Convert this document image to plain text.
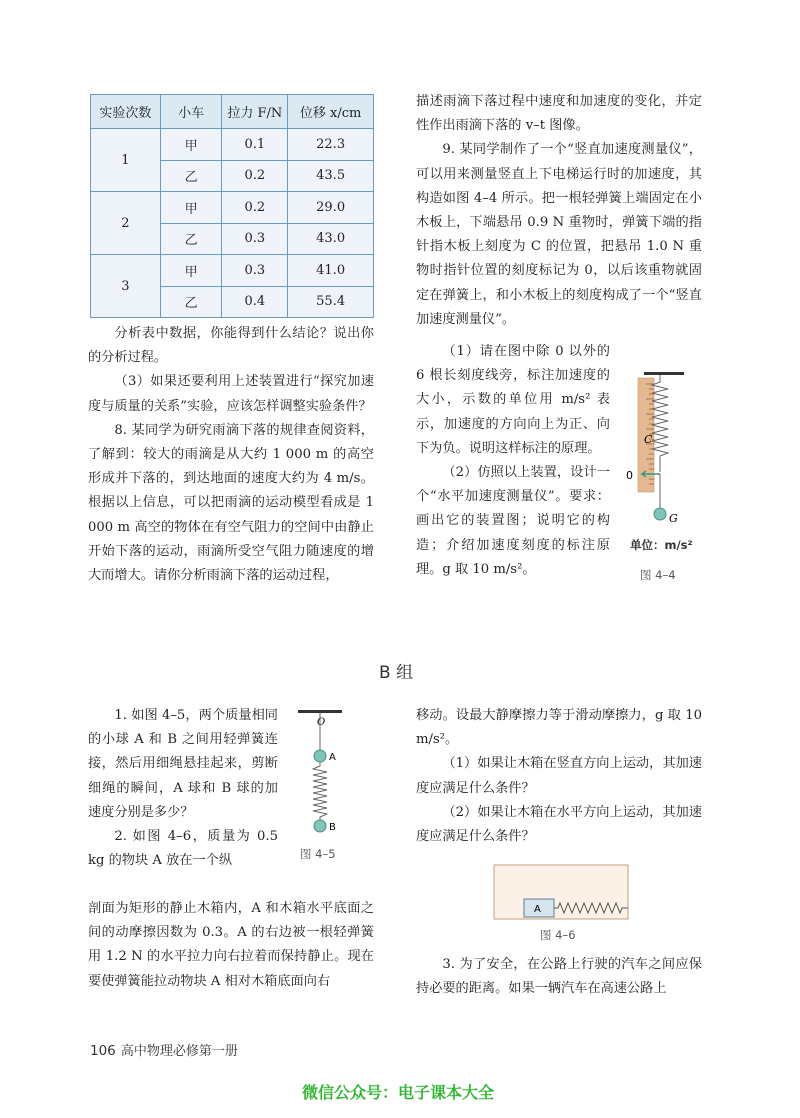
实验次数	小车	拉力 F/N	位移 x/cm
1	甲	0.1	22.3
	乙	0.2	43.5
2	甲	0.2	29.0
	乙	0.3	43.0
3	甲	0.3	41.0
	乙	0.4	55.4

分析表中数据，你能得到什么结论？说出你的分析过程。

（3）如果还要利用上述装置进行“探究加速度与质量的关系”实验，应该怎样调整实验条件？

8. 某同学为研究雨滴下落的规律查阅资料，了解到：较大的雨滴是从大约 1 000 m 的高空形成并下落的，到达地面的速度大约为 4 m/s。根据以上信息，可以把雨滴的运动模型看成是 1 000 m 高空的物体在有空气阻力的空间中由静止开始下落的运动，雨滴所受空气阻力随速度的增大而增大。请你分析雨滴下落的运动过程，

描述雨滴下落过程中速度和加速度的变化，并定性作出雨滴下落的 v–t 图像。

9. 某同学制作了一个“竖直加速度测量仪”，可以用来测量竖直上下电梯运行时的加速度，其构造如图 4–4 所示。把一根轻弹簧上端固定在小木板上，下端悬吊 0.9 N 重物时，弹簧下端的指针指木板上刻度为 C 的位置，把悬吊 1.0 N 重物时指针位置的刻度标记为 0，以后该重物就固定在弹簧上，和小木板上的刻度构成了一个“竖直加速度测量仪”。

（1）请在图中除 0 以外的 6 根长刻度线旁，标注加速度的大小，示数的单位用 m/s² 表示，加速度的方向向上为正、向下为负。说明这样标注的原理。

（2）仿照以上装置，设计一个“水平加速度测量仪”。要求：画出它的装置图；说明它的构造；介绍加速度刻度的标注原理。g 取 10 m/s²。

C
0
G
单位：m/s²
图 4–4
B 组

1. 如图 4–5，两个质量相同的小球 A 和 B 之间用轻弹簧连接，然后用细绳悬挂起来，剪断细绳的瞬间，A 球和 B 球的加速度分别是多少？

2. 如图 4–6，质量为 0.5 kg 的物块 A 放在一个纵

剖面为矩形的静止木箱内，A 和木箱水平底面之间的动摩擦因数为 0.3。A 的右边被一根轻弹簧用 1.2 N 的水平拉力向右拉着而保持静止。现在要使弹簧能拉动物块 A 相对木箱底面向右

O
A
B
图 4–5

移动。设最大静摩擦力等于滑动摩擦力，g 取 10 m/s²。

（1）如果让木箱在竖直方向上运动，其加速度应满足什么条件？

（2）如果让木箱在水平方向上运动，其加速度应满足什么条件？

A
图 4–6

3. 为了安全，在公路上行驶的汽车之间应保持必要的距离。如果一辆汽车在高速公路上

106 高中物理必修第一册
微信公众号：电子课本大全
